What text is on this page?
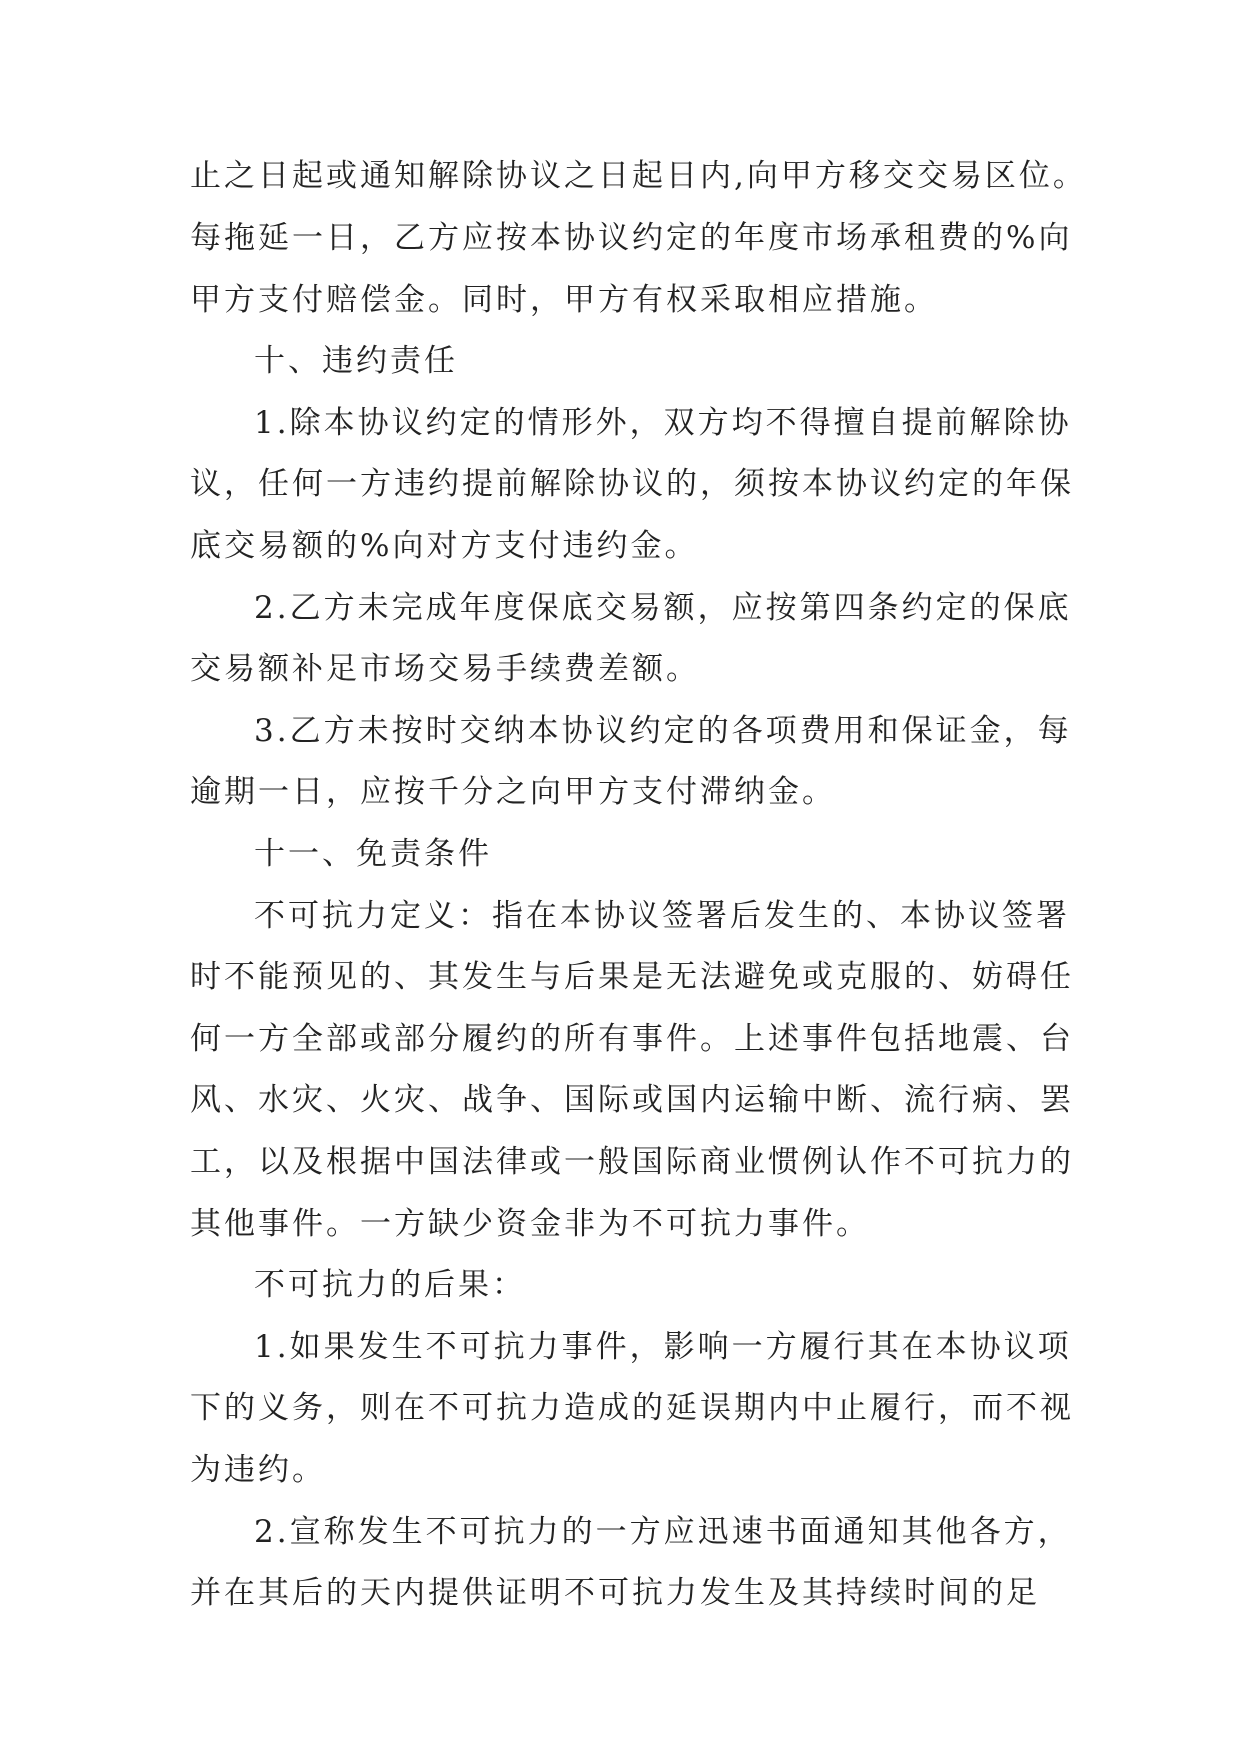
止之日起或通知解除协议之日起日内,向甲方移交交易区位。
每拖延一日，乙方应按本协议约定的年度市场承租费的%向
甲方支付赔偿金。同时，甲方有权采取相应措施。
十、违约责任
1.除本协议约定的情形外，双方均不得擅自提前解除协
议，任何一方违约提前解除协议的，须按本协议约定的年保
底交易额的%向对方支付违约金。
2.乙方未完成年度保底交易额，应按第四条约定的保底
交易额补足市场交易手续费差额。
3.乙方未按时交纳本协议约定的各项费用和保证金，每
逾期一日，应按千分之向甲方支付滞纳金。
十一、免责条件
不可抗力定义：指在本协议签署后发生的、本协议签署
时不能预见的、其发生与后果是无法避免或克服的、妨碍任
何一方全部或部分履约的所有事件。上述事件包括地震、台
风、水灾、火灾、战争、国际或国内运输中断、流行病、罢
工，以及根据中国法律或一般国际商业惯例认作不可抗力的
其他事件。一方缺少资金非为不可抗力事件。
不可抗力的后果：
1.如果发生不可抗力事件，影响一方履行其在本协议项
下的义务，则在不可抗力造成的延误期内中止履行，而不视
为违约。
2.宣称发生不可抗力的一方应迅速书面通知其他各方，
并在其后的天内提供证明不可抗力发生及其持续时间的足
